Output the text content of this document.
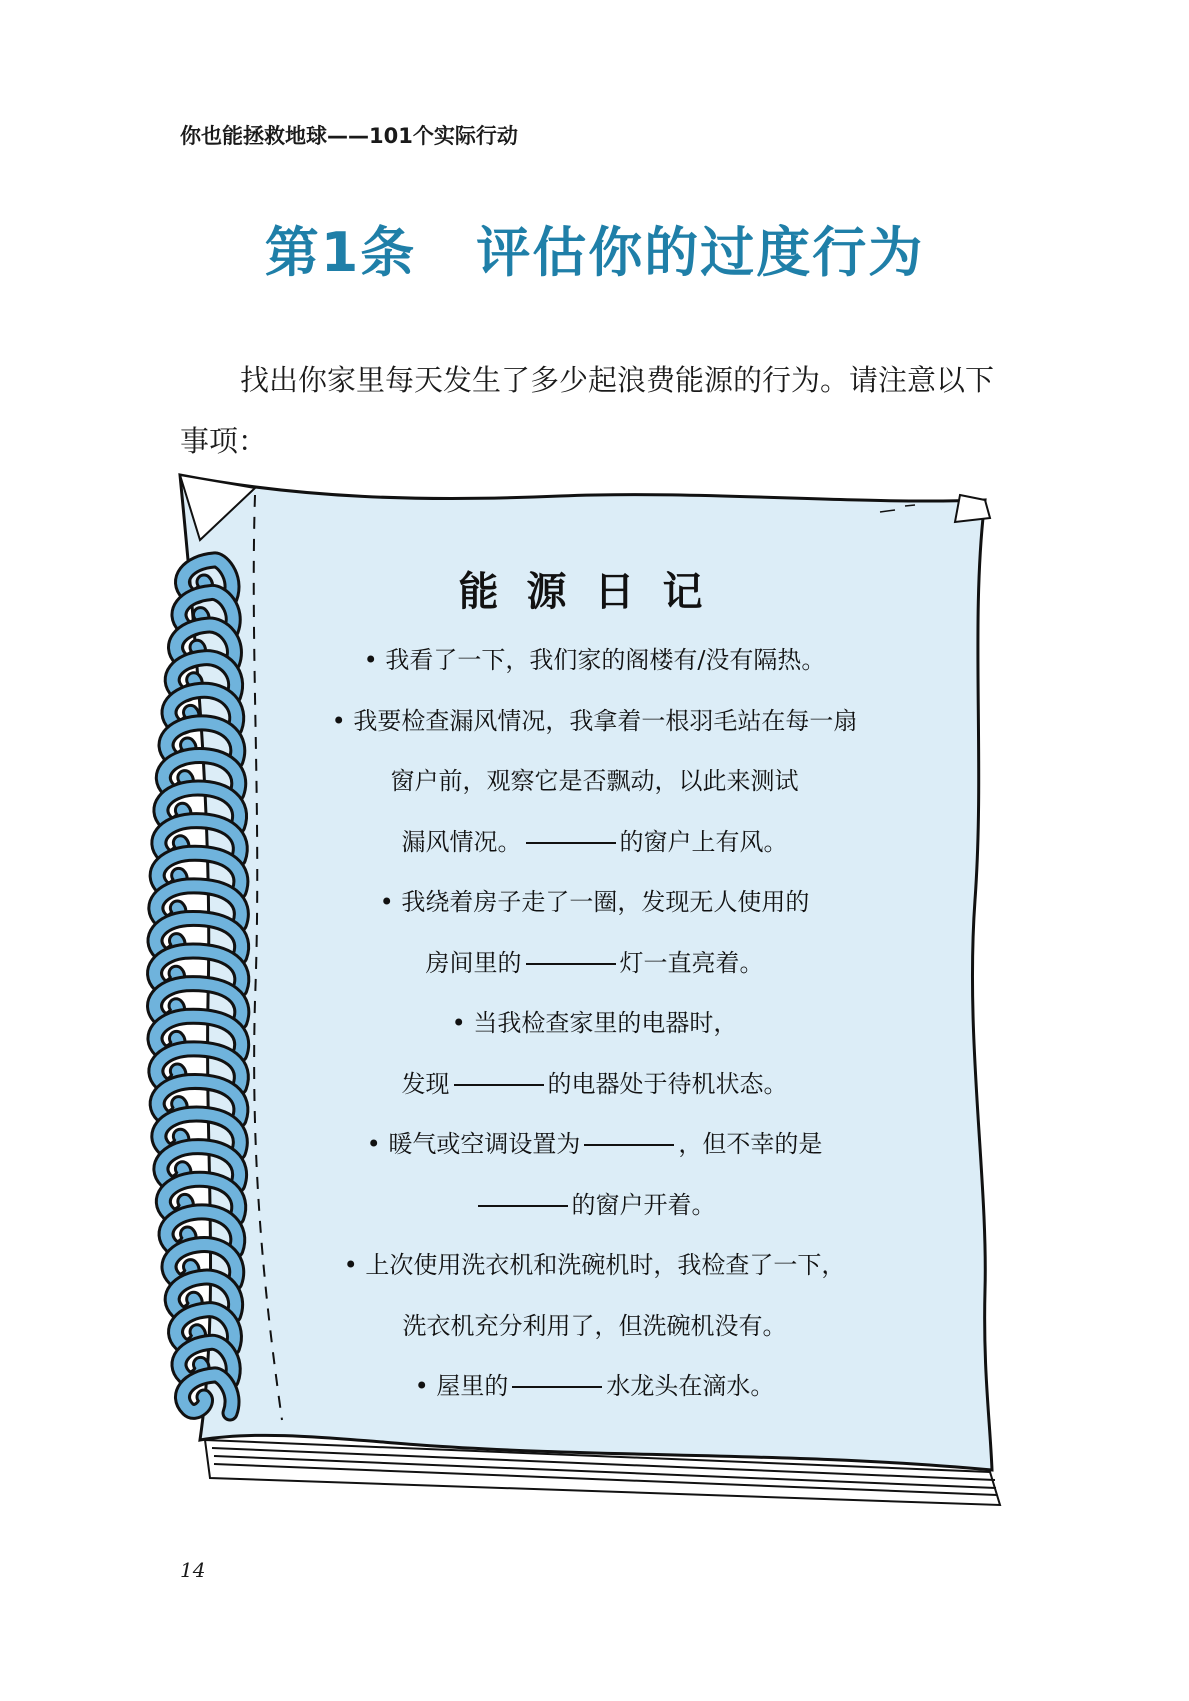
你也能拯救地球——101个实际行动
第1条 评估你的过度行为
找出你家里每天发生了多少起浪费能源的行为。请注意以下事项：
能源日记
• 我看了一下，我们家的阁楼有/没有隔热。
• 我要检查漏风情况，我拿着一根羽毛站在每一扇
窗户前，观察它是否飘动，以此来测试
漏风情况。	的窗户上有风。
• 我绕着房子走了一圈，发现无人使用的
房间里的	灯一直亮着。
• 当我检查家里的电器时，
发现	的电器处于待机状态。
• 暖气或空调设置为	，但不幸的是
的窗户开着。
• 上次使用洗衣机和洗碗机时，我检查了一下，
洗衣机充分利用了，但洗碗机没有。
• 屋里的	水龙头在滴水。
14
